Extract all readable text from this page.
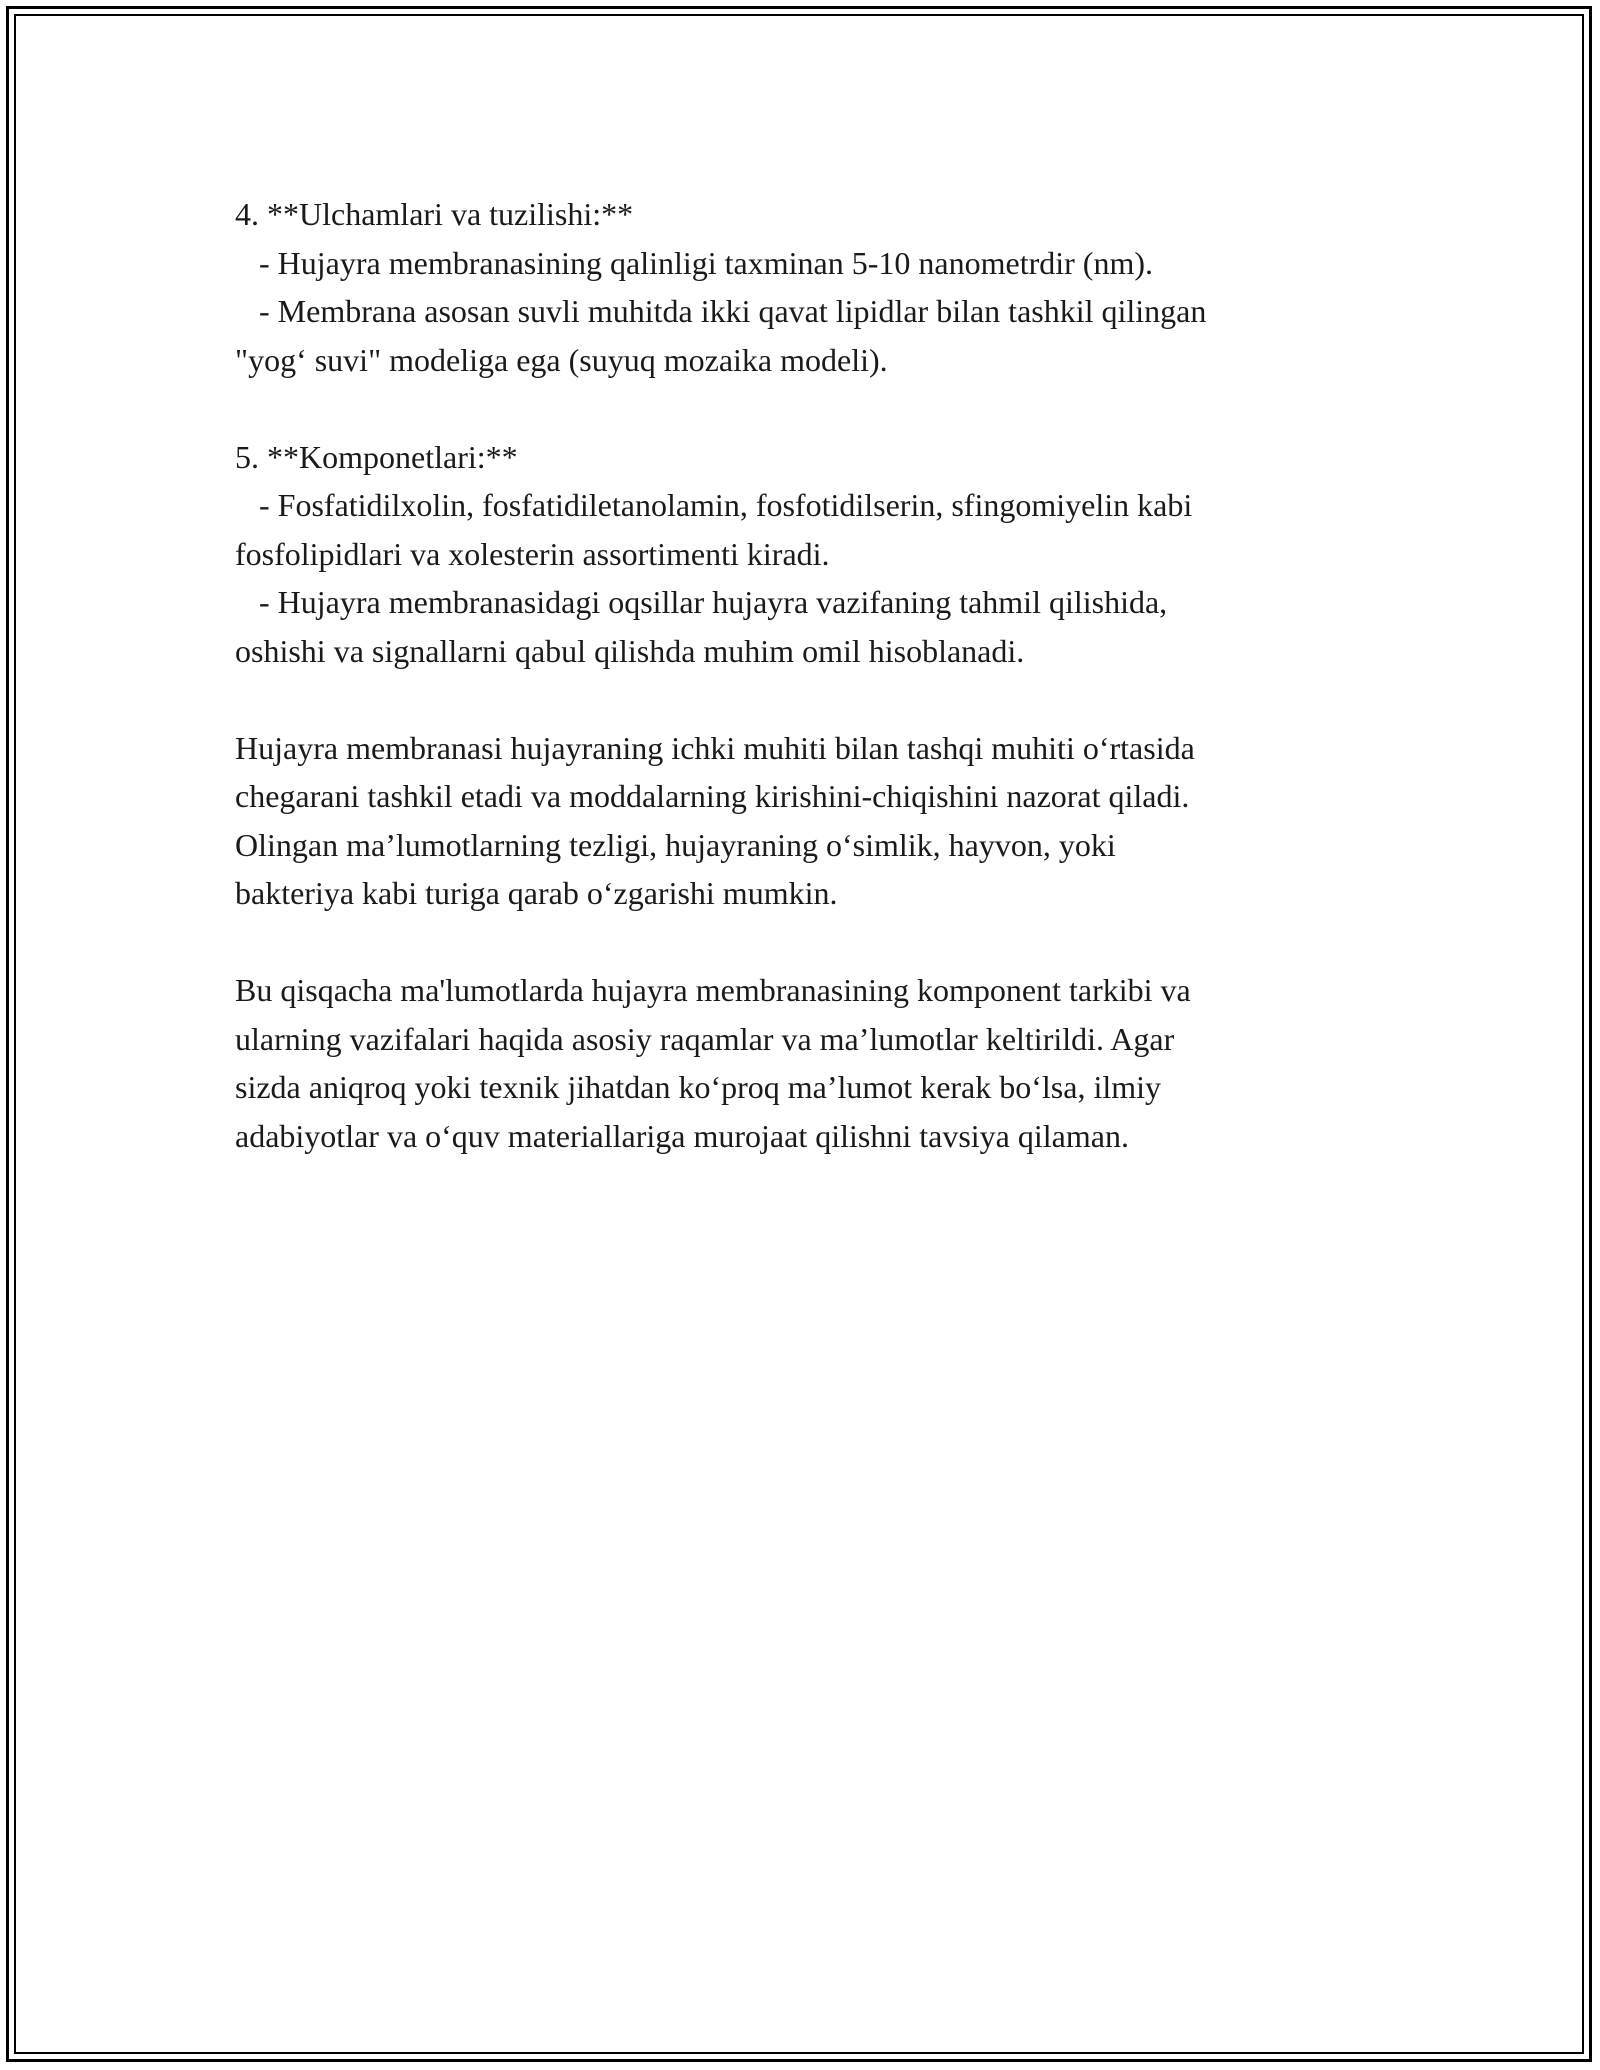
4. **Ulchamlari va tuzilishi:**
- Hujayra membranasining qalinligi taxminan 5-10 nanometrdir (nm).
- Membrana asosan suvli muhitda ikki qavat lipidlar bilan tashkil qilingan
"yog‘ suvi" modeliga ega (suyuq mozaika modeli).
5. **Komponetlari:**
- Fosfatidilxolin, fosfatidiletanolamin, fosfotidilserin, sfingomiyelin kabi
fosfolipidlari va xolesterin assortimenti kiradi.
- Hujayra membranasidagi oqsillar hujayra vazifaning tahmil qilishida,
oshishi va signallarni qabul qilishda muhim omil hisoblanadi.
Hujayra membranasi hujayraning ichki muhiti bilan tashqi muhiti o‘rtasida
chegarani tashkil etadi va moddalarning kirishini-chiqishini nazorat qiladi.
Olingan ma’lumotlarning tezligi, hujayraning o‘simlik, hayvon, yoki
bakteriya kabi turiga qarab o‘zgarishi mumkin.
Bu qisqacha ma'lumotlarda hujayra membranasining komponent tarkibi va
ularning vazifalari haqida asosiy raqamlar va ma’lumotlar keltirildi. Agar
sizda aniqroq yoki texnik jihatdan ko‘proq ma’lumot kerak bo‘lsa, ilmiy
adabiyotlar va o‘quv materiallariga murojaat qilishni tavsiya qilaman.
